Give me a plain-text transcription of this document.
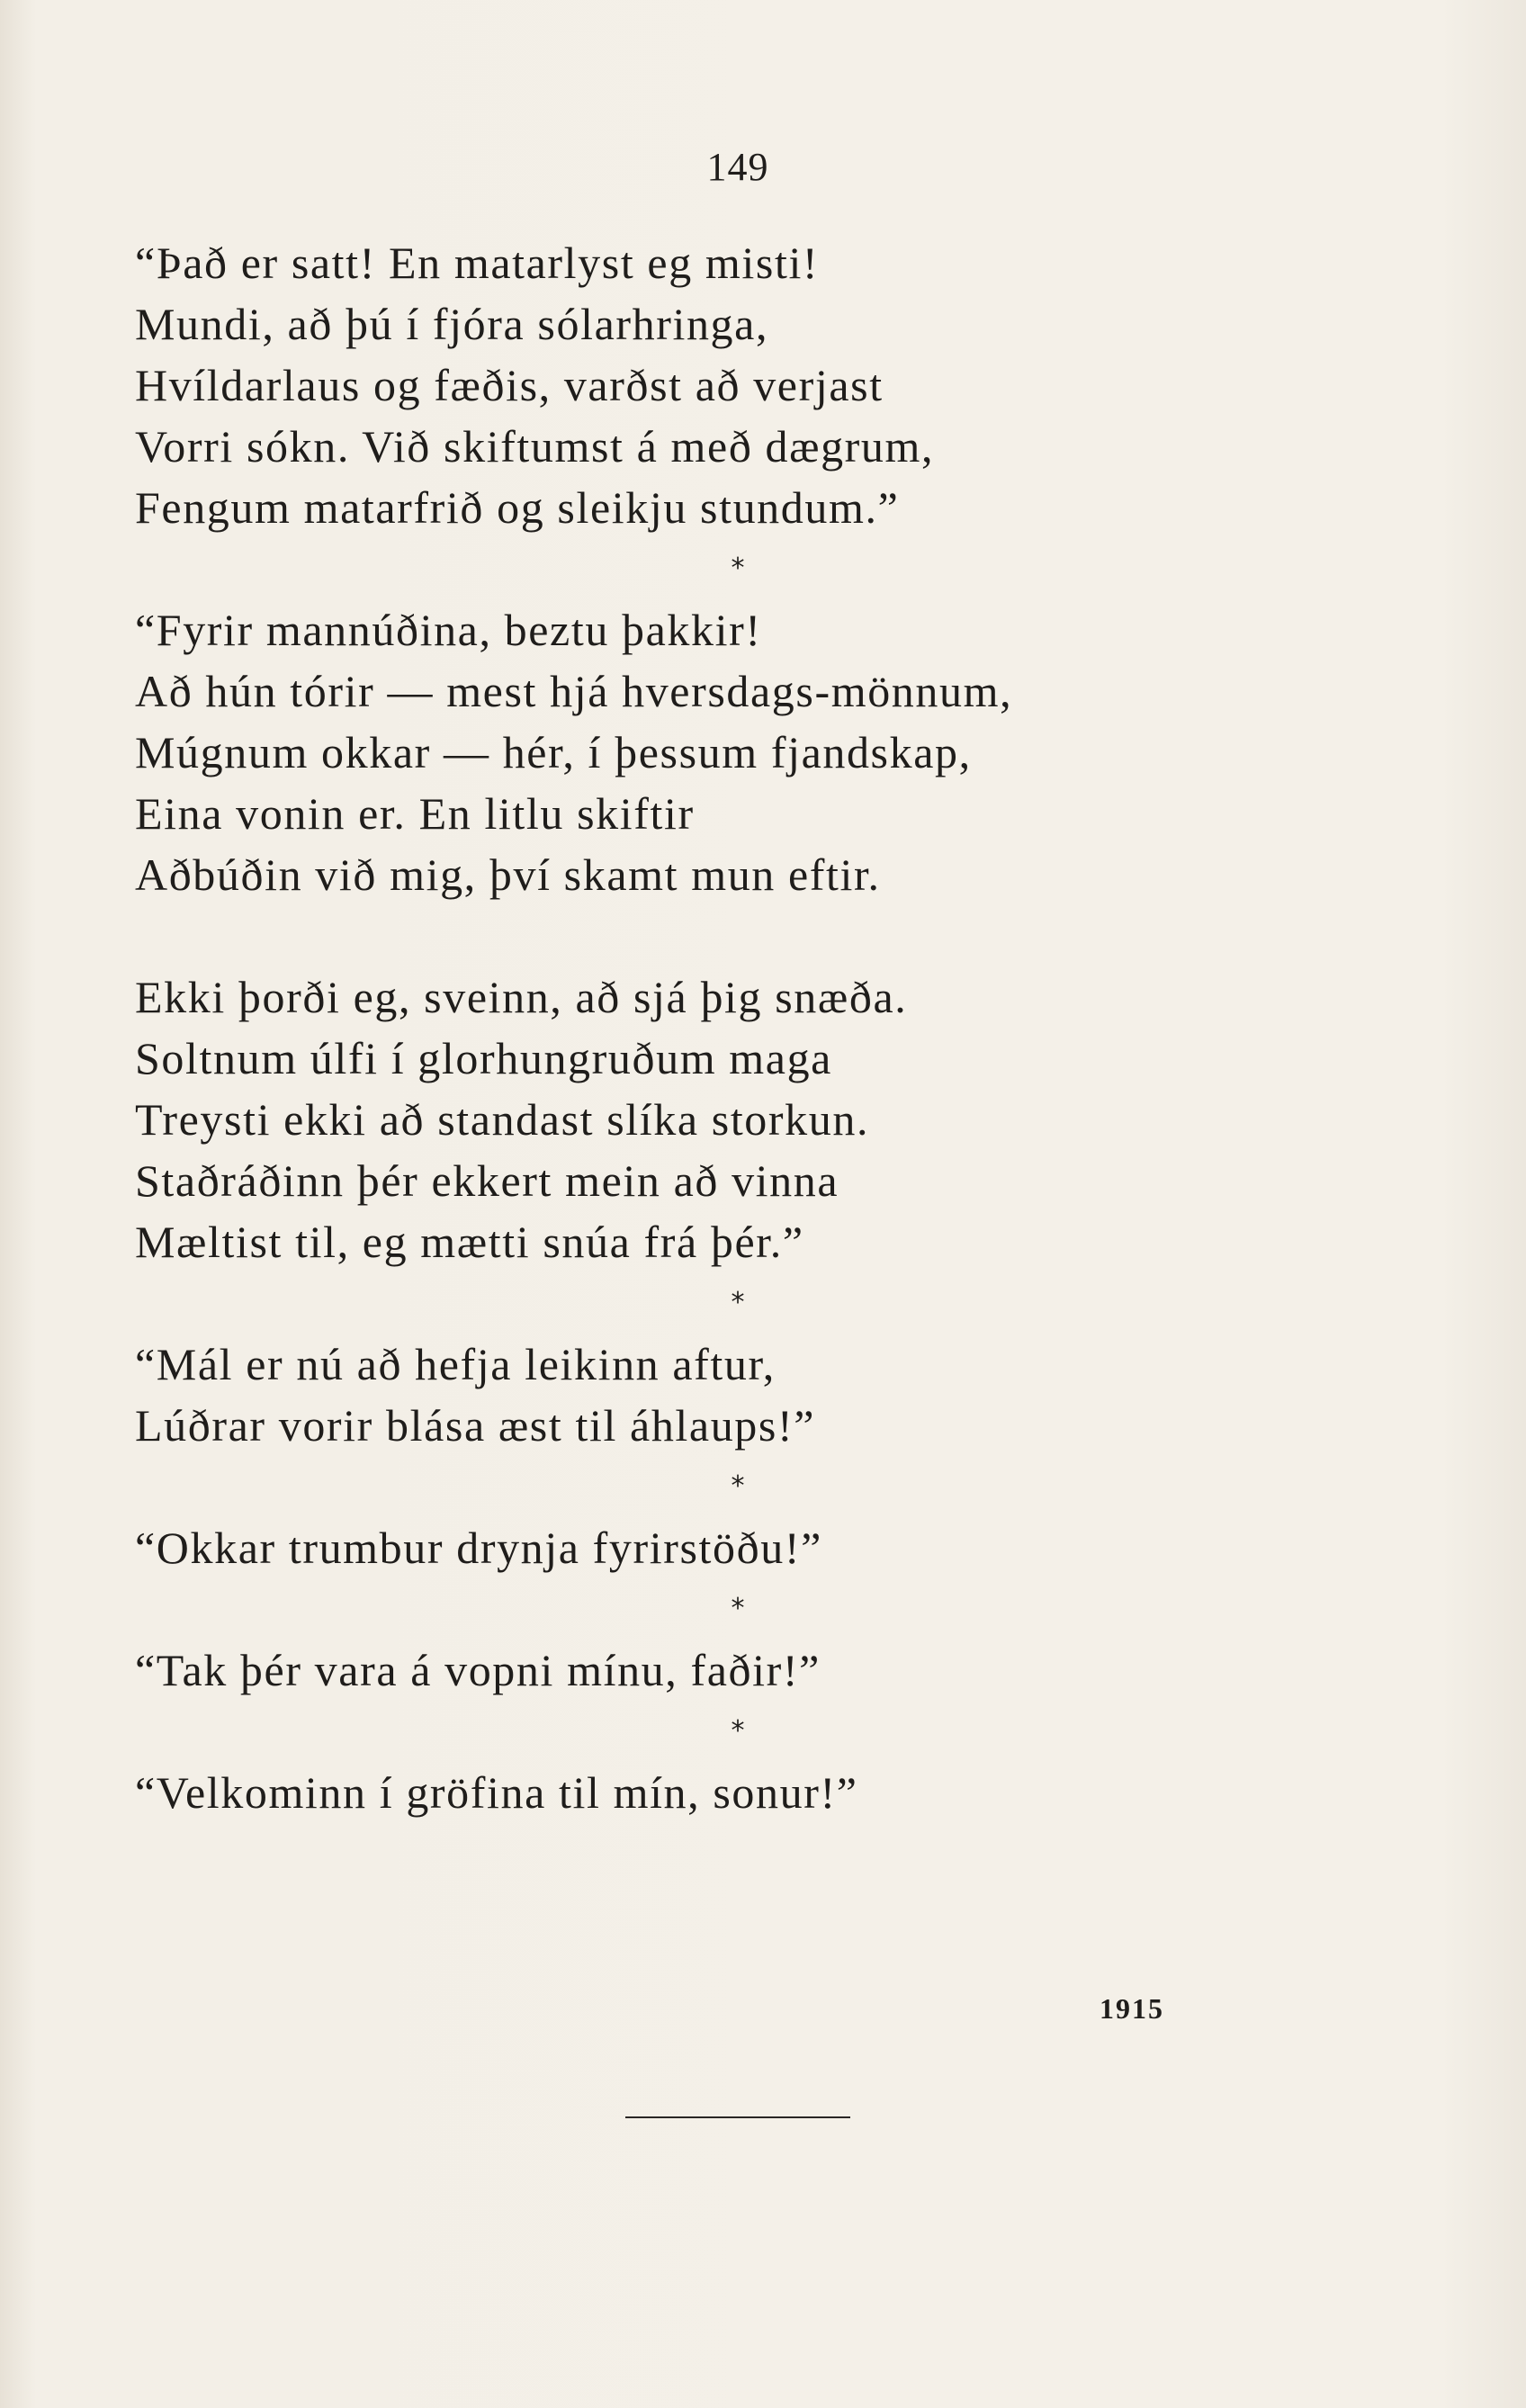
149
“Það er satt! En matarlyst eg misti!
Mundi, að þú í fjóra sólarhringa,
Hvíldarlaus og fæðis, varðst að verjast
Vorri sókn. Við skiftumst á með dægrum,
Fengum matarfrið og sleikju stundum.”
*
“Fyrir mannúðina, beztu þakkir!
Að hún tórir — mest hjá hversdags-mönnum,
Múgnum okkar — hér, í þessum fjandskap,
Eina vonin er. En litlu skiftir
Aðbúðin við mig, því skamt mun eftir.
Ekki þorði eg, sveinn, að sjá þig snæða.
Soltnum úlfi í glorhungruðum maga
Treysti ekki að standast slíka storkun.
Staðráðinn þér ekkert mein að vinna
Mæltist til, eg mætti snúa frá þér.”
*
“Mál er nú að hefja leikinn aftur,
Lúðrar vorir blása æst til áhlaups!”
*
“Okkar trumbur drynja fyrirstöðu!”
*
“Tak þér vara á vopni mínu, faðir!”
*
“Velkominn í gröfina til mín, sonur!”
1915
